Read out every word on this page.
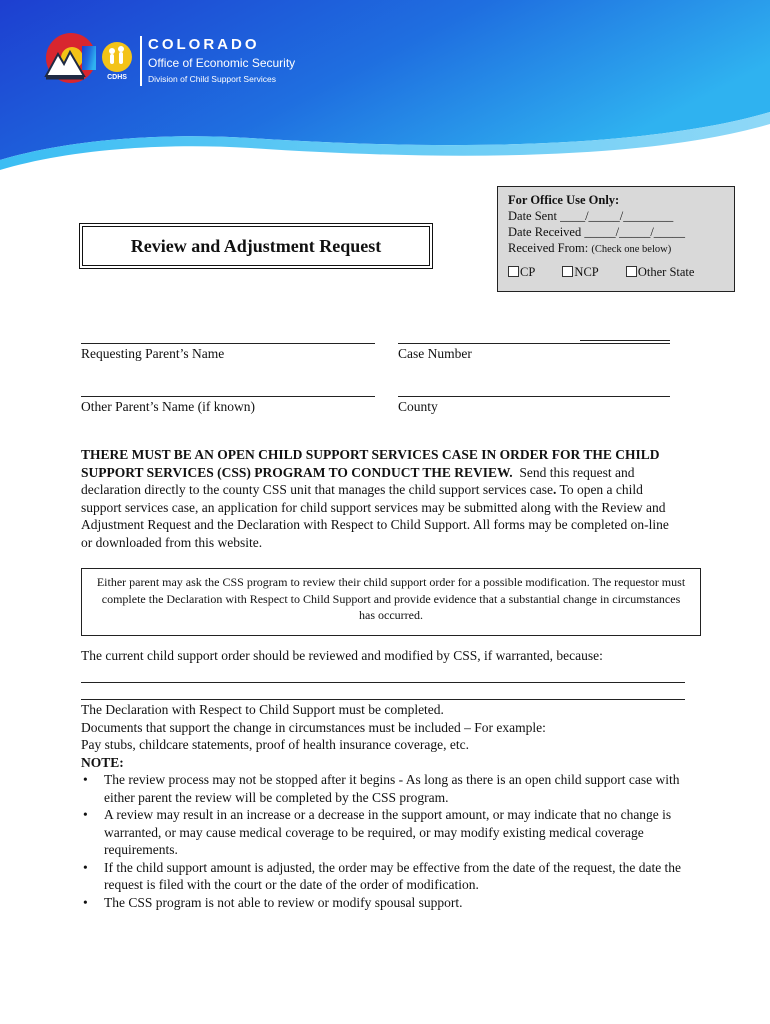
CDHS
COLORADO
Office of Economic Security
Division of Child Support Services
For Office Use Only:
Date Sent ____/_____/________
Date Received _____/_____/_____
Received From: (Check one below)
CP	NCP	Other State
Review and Adjustment Request
Requesting Parent’s Name	Case Number
Other Parent’s Name (if known)	County
THERE MUST BE AN OPEN CHILD SUPPORT SERVICES CASE IN ORDER FOR THE CHILD SUPPORT SERVICES (CSS) PROGRAM TO CONDUCT THE REVIEW. Send this request and declaration directly to the county CSS unit that manages the child support services case. To open a child support services case, an application for child support services may be submitted along with the Review and Adjustment Request and the Declaration with Respect to Child Support. All forms may be completed on-line or downloaded from this website.
Either parent may ask the CSS program to review their child support order for a possible modification. The requestor must complete the Declaration with Respect to Child Support and provide evidence that a substantial change in circumstances has occurred.
The current child support order should be reviewed and modified by CSS, if warranted, because:
The Declaration with Respect to Child Support must be completed.
Documents that support the change in circumstances must be included – For example:
Pay stubs, childcare statements, proof of health insurance coverage, etc.
NOTE:
• The review process may not be stopped after it begins - As long as there is an open child support case with either parent the review will be completed by the CSS program.
• A review may result in an increase or a decrease in the support amount, or may indicate that no change is warranted, or may cause medical coverage to be required, or may modify existing medical coverage requirements.
• If the child support amount is adjusted, the order may be effective from the date of the request, the date the request is filed with the court or the date of the order of modification.
• The CSS program is not able to review or modify spousal support.
